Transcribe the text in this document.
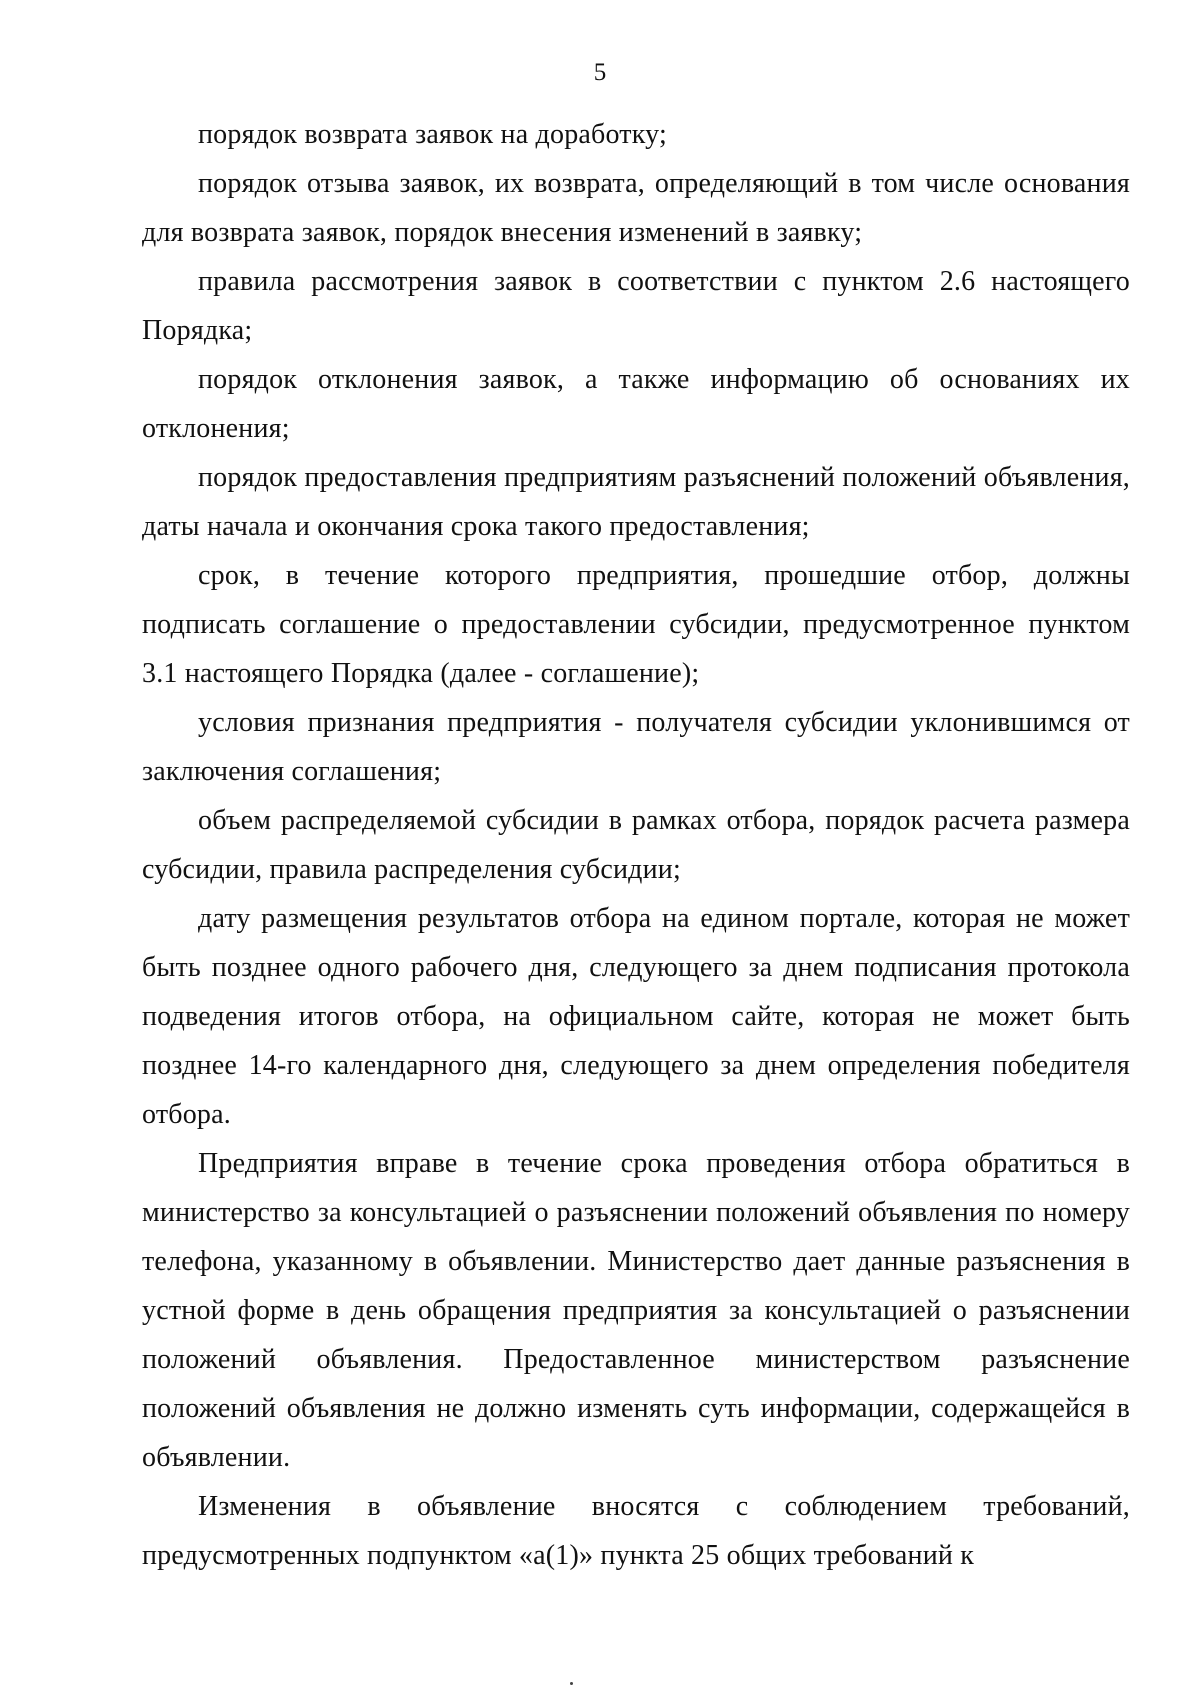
5

порядок возврата заявок на доработку;

порядок отзыва заявок, их возврата, определяющий в том числе основания для возврата заявок, порядок внесения изменений в заявку;

правила рассмотрения заявок в соответствии с пунктом 2.6 настоящего Порядка;

порядок отклонения заявок, а также информацию об основаниях их отклонения;

порядок предоставления предприятиям разъяснений положений объявления, даты начала и окончания срока такого предоставления;

срок, в течение которого предприятия, прошедшие отбор, должны подписать соглашение о предоставлении субсидии, предусмотренное пунктом 3.1 настоящего Порядка (далее - соглашение);

условия признания предприятия - получателя субсидии уклонившимся от заключения соглашения;

объем распределяемой субсидии в рамках отбора, порядок расчета размера субсидии, правила распределения субсидии;

дату размещения результатов отбора на едином портале, которая не может быть позднее одного рабочего дня, следующего за днем подписания протокола подведения итогов отбора, на официальном сайте, которая не может быть позднее 14-го календарного дня, следующего за днем определения победителя отбора.

Предприятия вправе в течение срока проведения отбора обратиться в министерство за консультацией о разъяснении положений объявления по номеру телефона, указанному в объявлении. Министерство дает данные разъяснения в устной форме в день обращения предприятия за консультацией о разъяснении положений объявления. Предоставленное министерством разъяснение положений объявления не должно изменять суть информации, содержащейся в объявлении.

Изменения в объявление вносятся с соблюдением требований, предусмотренных подпунктом «а(1)» пункта 25 общих требований к
